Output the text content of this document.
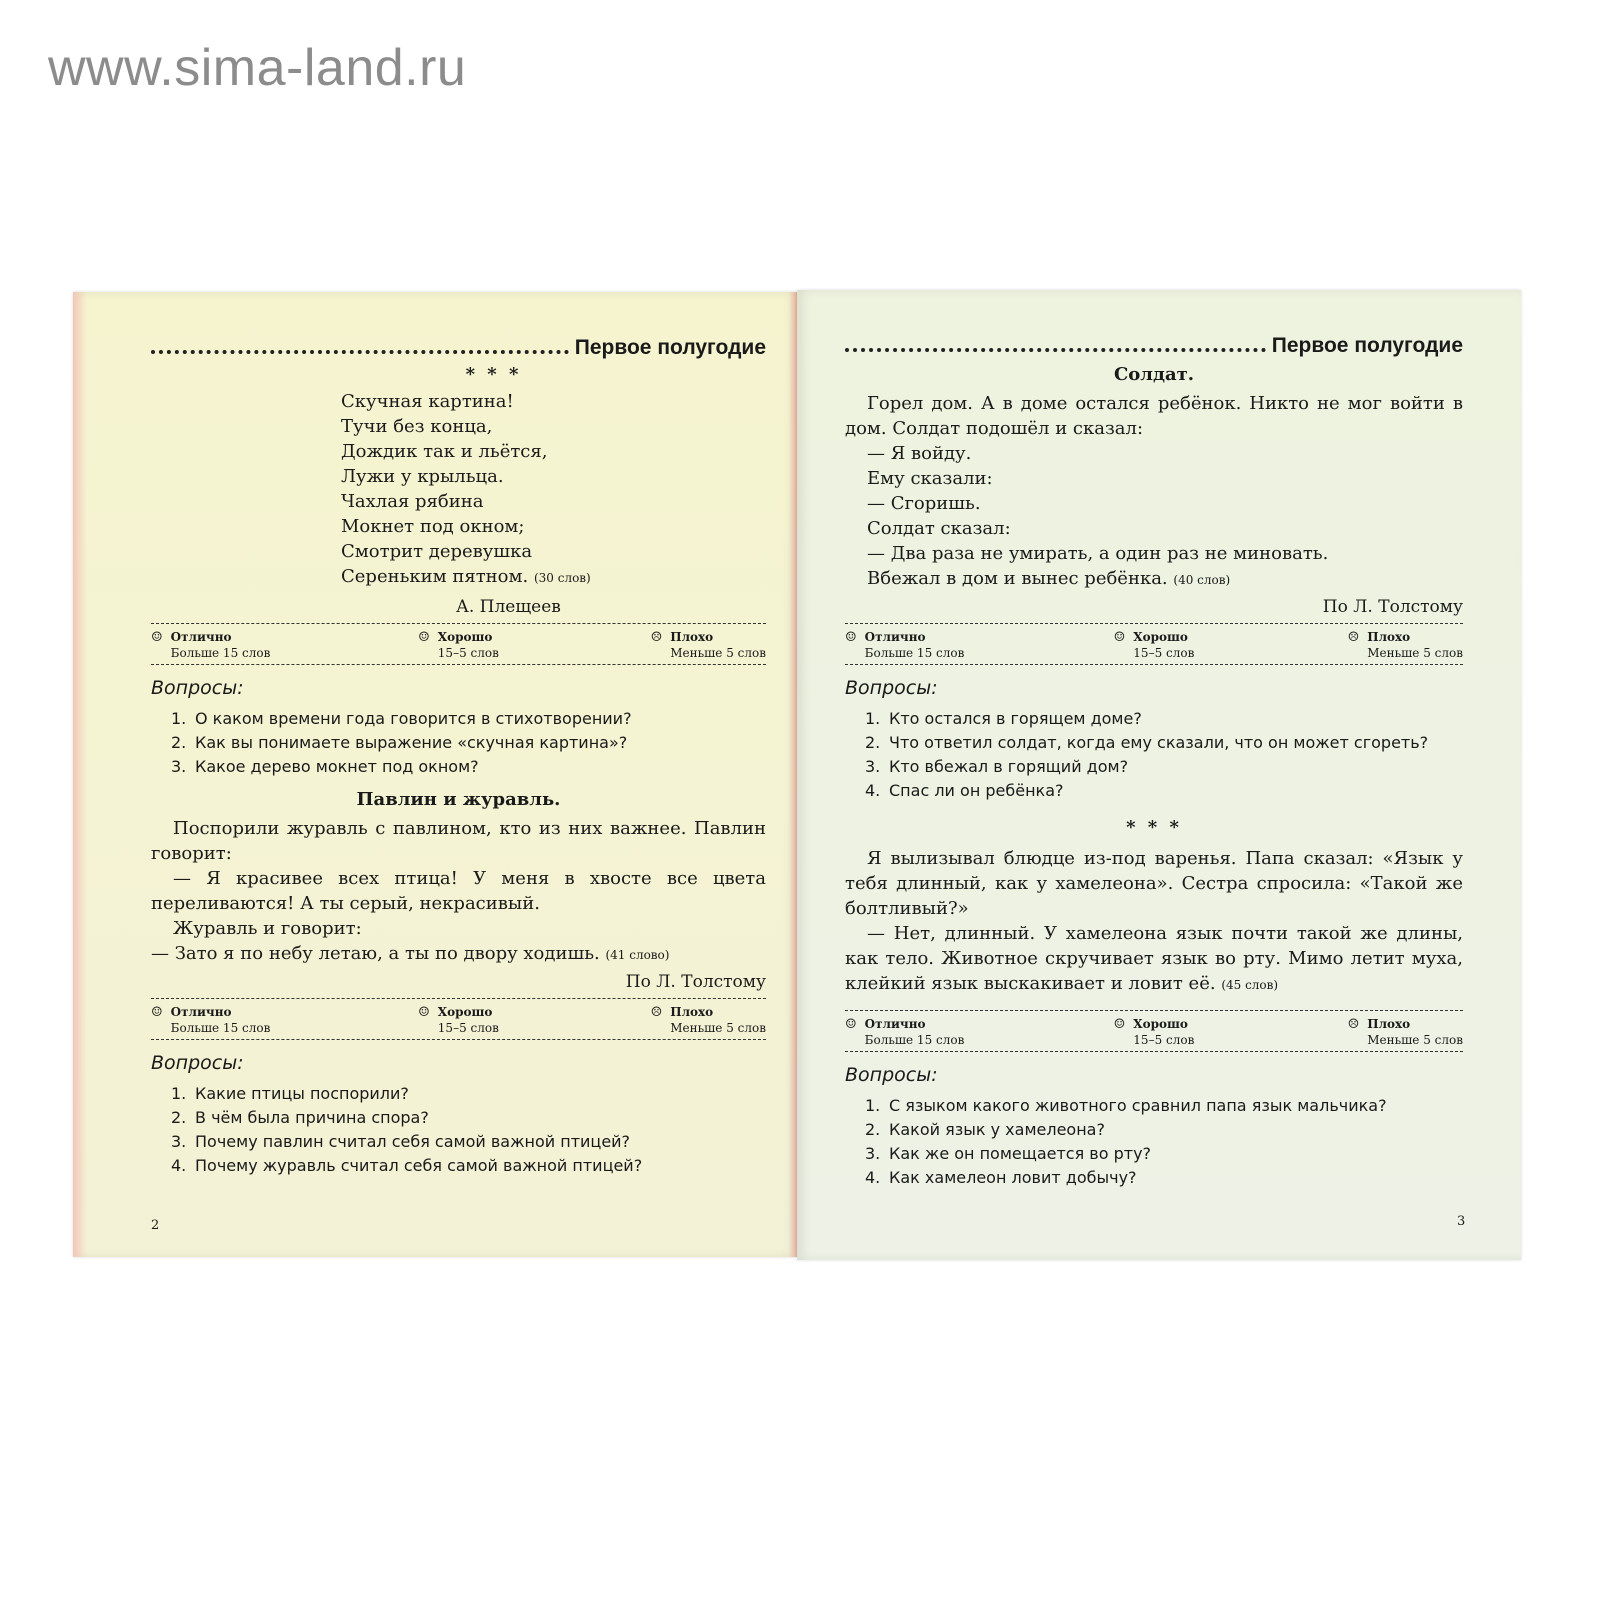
www.sima-land.ru
Первое полугодие
* * *
Скучная картина!
Тучи без конца,
Дождик так и льётся,
Лужи у крыльца.
Чахлая рябина
Мокнет под окном;
Смотрит деревушка
Сереньким пятном. (30 слов)
А. Плещеев
☺ Отлично
Больше 15 слов
☺ Хорошо
15–5 слов
☹ Плохо
Меньше 5 слов
Вопросы:
1. О каком времени года говорится в стихотворении?
2. Как вы понимаете выражение «скучная картина»?
3. Какое дерево мокнет под окном?
Павлин и журавль.
Поспорили журавль с павлином, кто из них важнее. Павлин говорит:
— Я красивее всех птица! У меня в хвосте все цвета переливаются! А ты серый, некрасивый.
Журавль и говорит:
— Зато я по небу летаю, а ты по двору ходишь. (41 слово)
По Л. Толстому
☺ Отлично
Больше 15 слов
☺ Хорошо
15–5 слов
☹ Плохо
Меньше 5 слов
Вопросы:
1. Какие птицы поспорили?
2. В чём была причина спора?
3. Почему павлин считал себя самой важной птицей?
4. Почему журавль считал себя самой важной птицей?
2
Первое полугодие
Солдат.
Горел дом. А в доме остался ребёнок. Никто не мог войти в дом. Солдат подошёл и сказал:
— Я войду.
Ему сказали:
— Сгоришь.
Солдат сказал:
— Два раза не умирать, а один раз не миновать.
Вбежал в дом и вынес ребёнка. (40 слов)
По Л. Толстому
☺ Отлично
Больше 15 слов
☺ Хорошо
15–5 слов
☹ Плохо
Меньше 5 слов
Вопросы:
1. Кто остался в горящем доме?
2. Что ответил солдат, когда ему сказали, что он может сгореть?
3. Кто вбежал в горящий дом?
4. Спас ли он ребёнка?
* * *
Я вылизывал блюдце из-под варенья. Папа сказал: «Язык у тебя длинный, как у хамелеона». Сестра спросила: «Такой же болтливый?»
— Нет, длинный. У хамелеона язык почти такой же длины, как тело. Животное скручивает язык во рту. Мимо летит муха, клейкий язык выскакивает и ловит её. (45 слов)
☺ Отлично
Больше 15 слов
☺ Хорошо
15–5 слов
☹ Плохо
Меньше 5 слов
Вопросы:
1. С языком какого животного сравнил папа язык мальчика?
2. Какой язык у хамелеона?
3. Как же он помещается во рту?
4. Как хамелеон ловит добычу?
3
